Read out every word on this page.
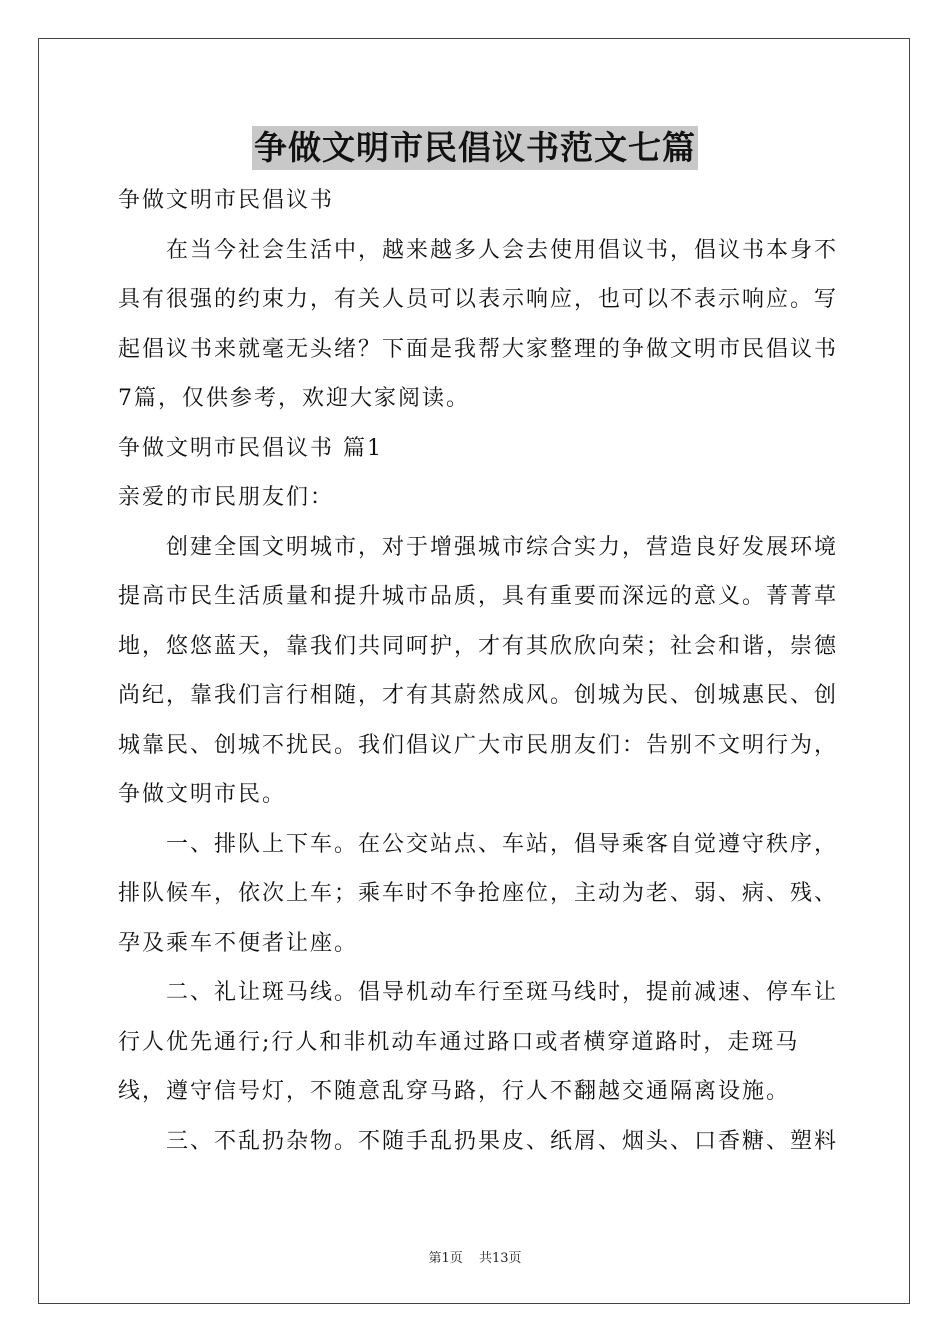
争做文明市民倡议书范文七篇

争做文明市民倡议书

在当今社会生活中，越来越多人会去使用倡议书，倡议书本身不具有很强的约束力，有关人员可以表示响应，也可以不表示响应。写起倡议书来就毫无头绪？下面是我帮大家整理的争做文明市民倡议书7篇，仅供参考，欢迎大家阅读。

争做文明市民倡议书 篇1

亲爱的市民朋友们：

创建全国文明城市，对于增强城市综合实力，营造良好发展环境提高市民生活质量和提升城市品质，具有重要而深远的意义。菁菁草地，悠悠蓝天，靠我们共同呵护，才有其欣欣向荣；社会和谐，崇德尚纪，靠我们言行相随，才有其蔚然成风。创城为民、创城惠民、创城靠民、创城不扰民。我们倡议广大市民朋友们：告别不文明行为，争做文明市民。

一、排队上下车。在公交站点、车站，倡导乘客自觉遵守秩序，排队候车，依次上车；乘车时不争抢座位，主动为老、弱、病、残、孕及乘车不便者让座。

二、礼让斑马线。倡导机动车行至斑马线时，提前减速、停车让行人优先通行;行人和非机动车通过路口或者横穿道路时，走斑马线，遵守信号灯，不随意乱穿马路，行人不翻越交通隔离设施。

三、不乱扔杂物。不随手乱扔果皮、纸屑、烟头、口香糖、塑料

第1页 共13页
